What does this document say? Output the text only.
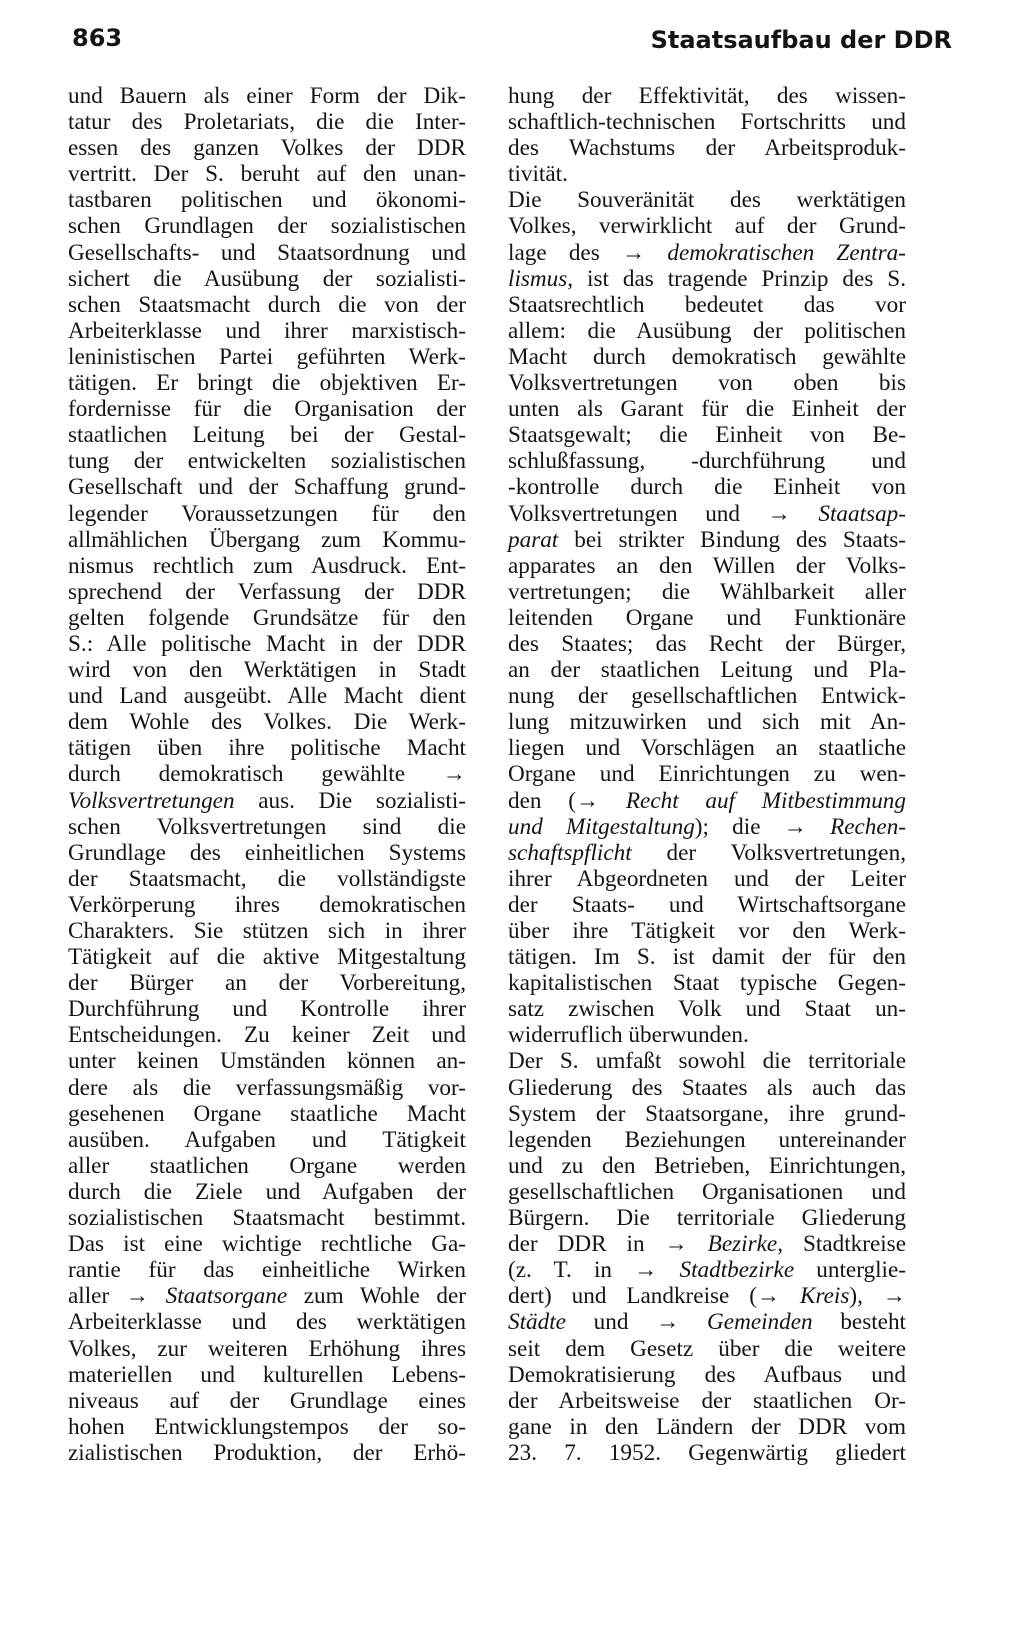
863	Staatsaufbau der DDR
und Bauern als einer Form der Dik-
tatur des Proletariats, die die Inter-
essen des ganzen Volkes der DDR
vertritt. Der S. beruht auf den unan-
tastbaren politischen und ökonomi-
schen Grundlagen der sozialistischen
Gesellschafts- und Staatsordnung und
sichert die Ausübung der sozialisti-
schen Staatsmacht durch die von der
Arbeiterklasse und ihrer marxistisch-
leninistischen Partei geführten Werk-
tätigen. Er bringt die objektiven Er-
fordernisse für die Organisation der
staatlichen Leitung bei der Gestal-
tung der entwickelten sozialistischen
Gesellschaft und der Schaffung grund-
legender Voraussetzungen für den
allmählichen Übergang zum Kommu-
nismus rechtlich zum Ausdruck. Ent-
sprechend der Verfassung der DDR
gelten folgende Grundsätze für den
S.: Alle politische Macht in der DDR
wird von den Werktätigen in Stadt
und Land ausgeübt. Alle Macht dient
dem Wohle des Volkes. Die Werk-
tätigen üben ihre politische Macht
durch demokratisch gewählte →
Volksvertretungen aus. Die sozialisti-
schen Volksvertretungen sind die
Grundlage des einheitlichen Systems
der Staatsmacht, die vollständigste
Verkörperung ihres demokratischen
Charakters. Sie stützen sich in ihrer
Tätigkeit auf die aktive Mitgestaltung
der Bürger an der Vorbereitung,
Durchführung und Kontrolle ihrer
Entscheidungen. Zu keiner Zeit und
unter keinen Umständen können an-
dere als die verfassungsmäßig vor-
gesehenen Organe staatliche Macht
ausüben. Aufgaben und Tätigkeit
aller staatlichen Organe werden
durch die Ziele und Aufgaben der
sozialistischen Staatsmacht bestimmt.
Das ist eine wichtige rechtliche Ga-
rantie für das einheitliche Wirken
aller → Staatsorgane zum Wohle der
Arbeiterklasse und des werktätigen
Volkes, zur weiteren Erhöhung ihres
materiellen und kulturellen Lebens-
niveaus auf der Grundlage eines
hohen Entwicklungstempos der so-
zialistischen Produktion, der Erhö-
hung der Effektivität, des wissen-
schaftlich-technischen Fortschritts und
des Wachstums der Arbeitsproduk-
tivität.
Die Souveränität des werktätigen
Volkes, verwirklicht auf der Grund-
lage des → demokratischen Zentra-
lismus, ist das tragende Prinzip des S.
Staatsrechtlich bedeutet das vor
allem: die Ausübung der politischen
Macht durch demokratisch gewählte
Volksvertretungen von oben bis
unten als Garant für die Einheit der
Staatsgewalt; die Einheit von Be-
schlußfassung, -durchführung und
-kontrolle durch die Einheit von
Volksvertretungen und → Staatsap-
parat bei strikter Bindung des Staats-
apparates an den Willen der Volks-
vertretungen; die Wählbarkeit aller
leitenden Organe und Funktionäre
des Staates; das Recht der Bürger,
an der staatlichen Leitung und Pla-
nung der gesellschaftlichen Entwick-
lung mitzuwirken und sich mit An-
liegen und Vorschlägen an staatliche
Organe und Einrichtungen zu wen-
den (→ Recht auf Mitbestimmung
und Mitgestaltung); die → Rechen-
schaftspflicht der Volksvertretungen,
ihrer Abgeordneten und der Leiter
der Staats- und Wirtschaftsorgane
über ihre Tätigkeit vor den Werk-
tätigen. Im S. ist damit der für den
kapitalistischen Staat typische Gegen-
satz zwischen Volk und Staat un-
widerruflich überwunden.
Der S. umfaßt sowohl die territoriale
Gliederung des Staates als auch das
System der Staatsorgane, ihre grund-
legenden Beziehungen untereinander
und zu den Betrieben, Einrichtungen,
gesellschaftlichen Organisationen und
Bürgern. Die territoriale Gliederung
der DDR in → Bezirke, Stadtkreise
(z. T. in → Stadtbezirke unterglie-
dert) und Landkreise (→ Kreis), →
Städte und → Gemeinden besteht
seit dem Gesetz über die weitere
Demokratisierung des Aufbaus und
der Arbeitsweise der staatlichen Or-
gane in den Ländern der DDR vom
23. 7. 1952. Gegenwärtig gliedert
